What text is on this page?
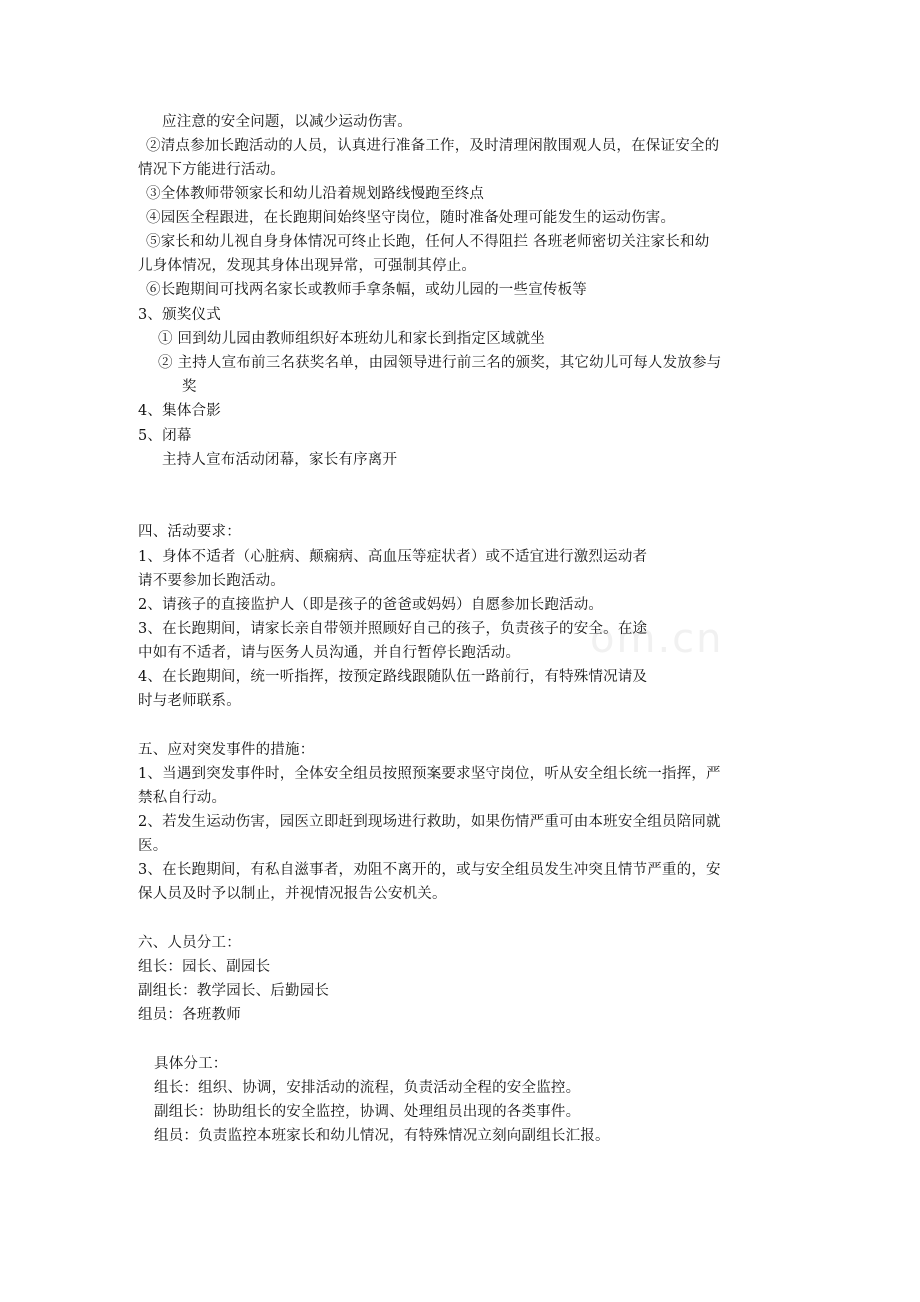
om.cn
应注意的安全问题，以减少运动伤害。
②清点参加长跑活动的人员，认真进行准备工作，及时清理闲散围观人员，在保证安全的
情况下方能进行活动。
③全体教师带领家长和幼儿沿着规划路线慢跑至终点
④园医全程跟进，在长跑期间始终坚守岗位，随时准备处理可能发生的运动伤害。
⑤家长和幼儿视自身身体情况可终止长跑，任何人不得阻拦 各班老师密切关注家长和幼
儿身体情况，发现其身体出现异常，可强制其停止。
⑥长跑期间可找两名家长或教师手拿条幅，或幼儿园的一些宣传板等
3、颁奖仪式
① 回到幼儿园由教师组织好本班幼儿和家长到指定区域就坐
② 主持人宣布前三名获奖名单，由园领导进行前三名的颁奖，其它幼儿可每人发放参与
奖
4、集体合影
5、闭幕
主持人宣布活动闭幕，家长有序离开
四、活动要求：
1、身体不适者（心脏病、颠痫病、高血压等症状者）或不适宜进行激烈运动者
请不要参加长跑活动。
2、请孩子的直接监护人（即是孩子的爸爸或妈妈）自愿参加长跑活动。
3、在长跑期间，请家长亲自带领并照顾好自己的孩子，负责孩子的安全。在途
中如有不适者，请与医务人员沟通，并自行暂停长跑活动。
4、在长跑期间，统一听指挥，按预定路线跟随队伍一路前行，有特殊情况请及
时与老师联系。
五、应对突发事件的措施：
1、当遇到突发事件时，全体安全组员按照预案要求坚守岗位，听从安全组长统一指挥，严
禁私自行动。
2、若发生运动伤害，园医立即赶到现场进行救助，如果伤情严重可由本班安全组员陪同就
医。
3、在长跑期间，有私自滋事者，劝阻不离开的，或与安全组员发生冲突且情节严重的，安
保人员及时予以制止，并视情况报告公安机关。
六、人员分工：
组长：园长、副园长
副组长：教学园长、后勤园长
组员：各班教师
具体分工：
组长：组织、协调，安排活动的流程，负责活动全程的安全监控。
副组长：协助组长的安全监控，协调、处理组员出现的各类事件。
组员：负责监控本班家长和幼儿情况，有特殊情况立刻向副组长汇报。
